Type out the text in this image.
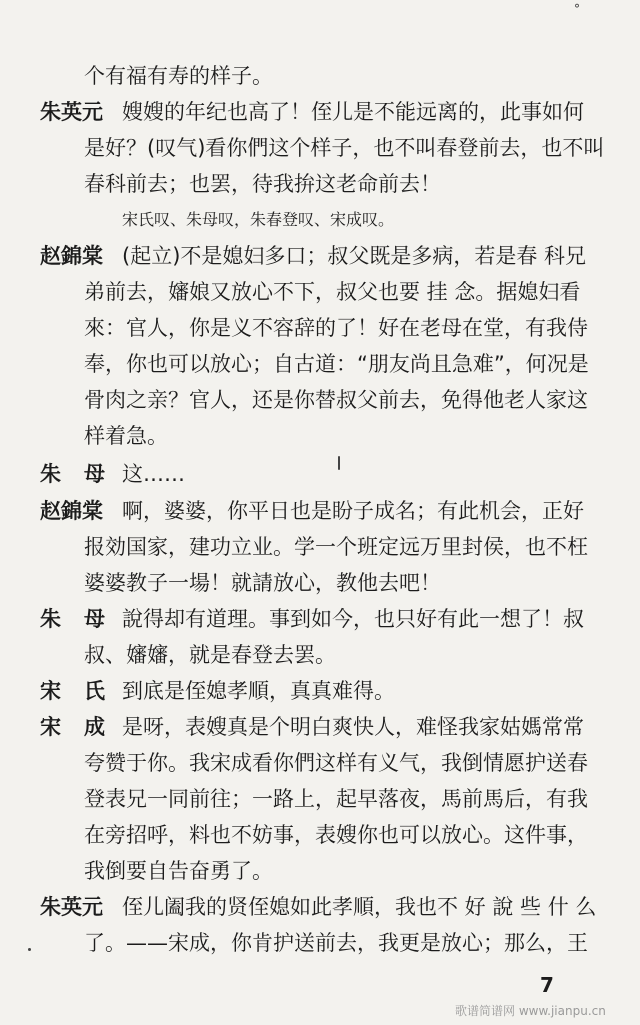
°
朱英元
赵錦棠
朱 母
赵錦棠
朱 母
宋 氏
宋 成
朱英元
个有福有寿的样子。
嫂嫂的年纪也高了！侄儿是不能远离的，此事如何
是好？(叹气)看你們这个样子，也不叫春登前去，也不叫
春科前去；也罢，待我拚这老命前去！
宋氏叹、朱母叹，朱春登叹、宋成叹。
(起立)不是媳妇多口；叔父既是多病，若是春 科兄
弟前去，嬸娘又放心不下，叔父也要 挂 念。据媳妇看
來：官人，你是义不容辞的了！好在老母在堂，有我侍
奉，你也可以放心；自古道：“朋友尚且急难”，何况是
骨肉之亲？官人，还是你替叔父前去，免得他老人家这
样着急。
这……
啊，婆婆，你平日也是盼子成名；有此机会，正好
报効国家，建功立业。学一个班定远万里封侯，也不枉
婆婆教子一場！就請放心，教他去吧！
說得却有道理。事到如今，也只好有此一想了！叔
叔、嬸嬸，就是春登去罢。
到底是侄媳孝順，真真难得。
是呀，表嫂真是个明白爽快人，难怪我家姑媽常常
夸赞于你。我宋成看你們这样有义气，我倒情愿护送春
登表兄一同前往；一路上，起早落夜，馬前馬后，有我
在旁招呼，料也不妨事，表嫂你也可以放心。这件事，
我倒要自告奋勇了。
侄儿阖我的贤侄媳如此孝順，我也不 好 說 些 什 么
了。——宋成，你肯护送前去，我更是放心；那么，王
7
歌谱简谱网 www.jianpu.cn
